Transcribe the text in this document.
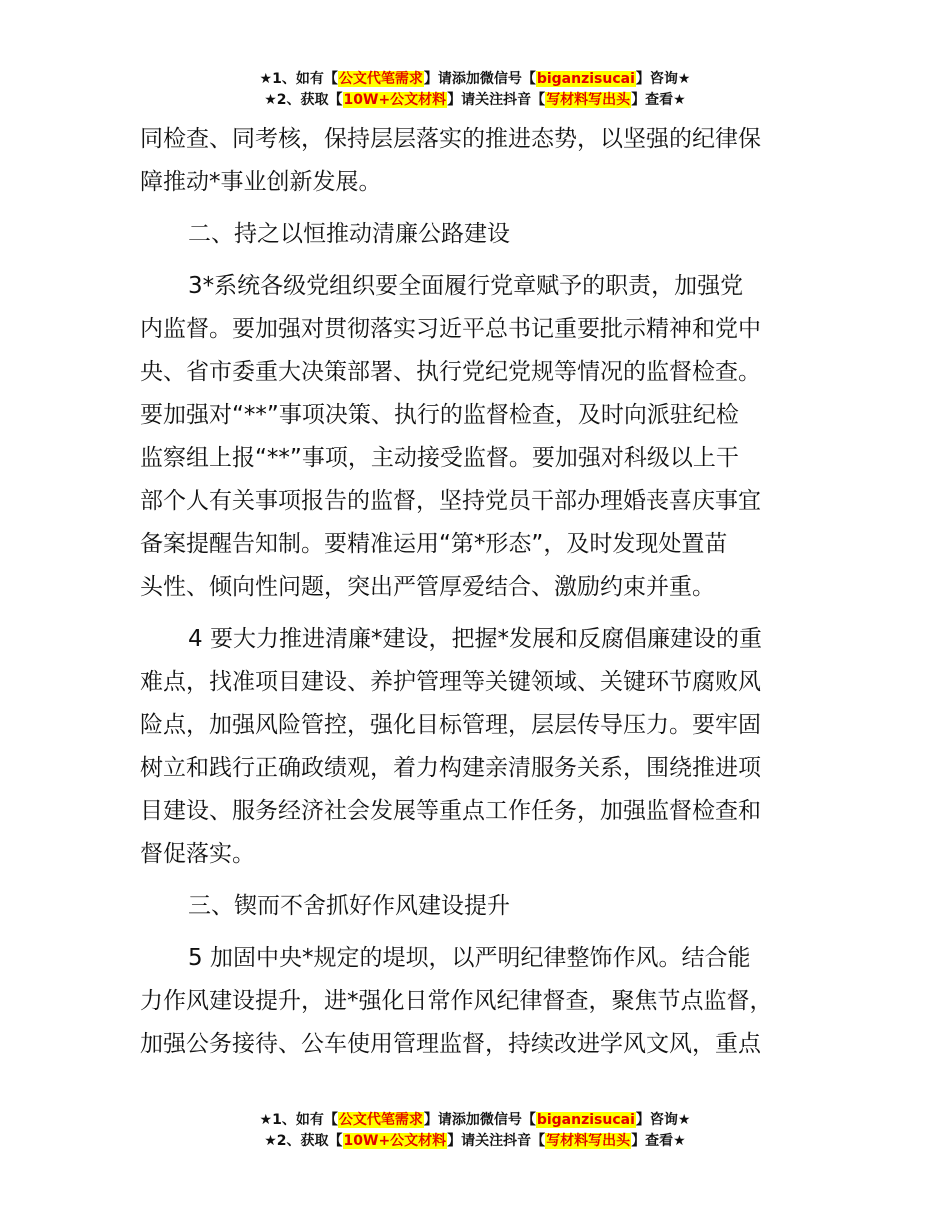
★1、如有【公文代笔需求】请添加微信号【biganzisucai】咨询★
★2、获取【10W+公文材料】请关注抖音【写材料写出头】查看★

同检查、同考核，保持层层落实的推进态势，以坚强的纪律保

障推动*事业创新发展。

二、持之以恒推动清廉公路建设

3*系统各级党组织要全面履行党章赋予的职责，加强党

内监督。要加强对贯彻落实习近平总书记重要批示精神和党中

央、省市委重大决策部署、执行党纪党规等情况的监督检查。

要加强对“**”事项决策、执行的监督检查，及时向派驻纪检

监察组上报“**”事项，主动接受监督。要加强对科级以上干

部个人有关事项报告的监督，坚持党员干部办理婚丧喜庆事宜

备案提醒告知制。要精准运用“第*形态”，及时发现处置苗

头性、倾向性问题，突出严管厚爱结合、激励约束并重。

4 要大力推进清廉*建设，把握*发展和反腐倡廉建设的重

难点，找准项目建设、养护管理等关键领域、关键环节腐败风

险点，加强风险管控，强化目标管理，层层传导压力。要牢固

树立和践行正确政绩观，着力构建亲清服务关系，围绕推进项

目建设、服务经济社会发展等重点工作任务，加强监督检查和

督促落实。

三、锲而不舍抓好作风建设提升

5 加固中央*规定的堤坝，以严明纪律整饰作风。结合能

力作风建设提升，进*强化日常作风纪律督查，聚焦节点监督，

加强公务接待、公车使用管理监督，持续改进学风文风，重点

★1、如有【公文代笔需求】请添加微信号【biganzisucai】咨询★
★2、获取【10W+公文材料】请关注抖音【写材料写出头】查看★
